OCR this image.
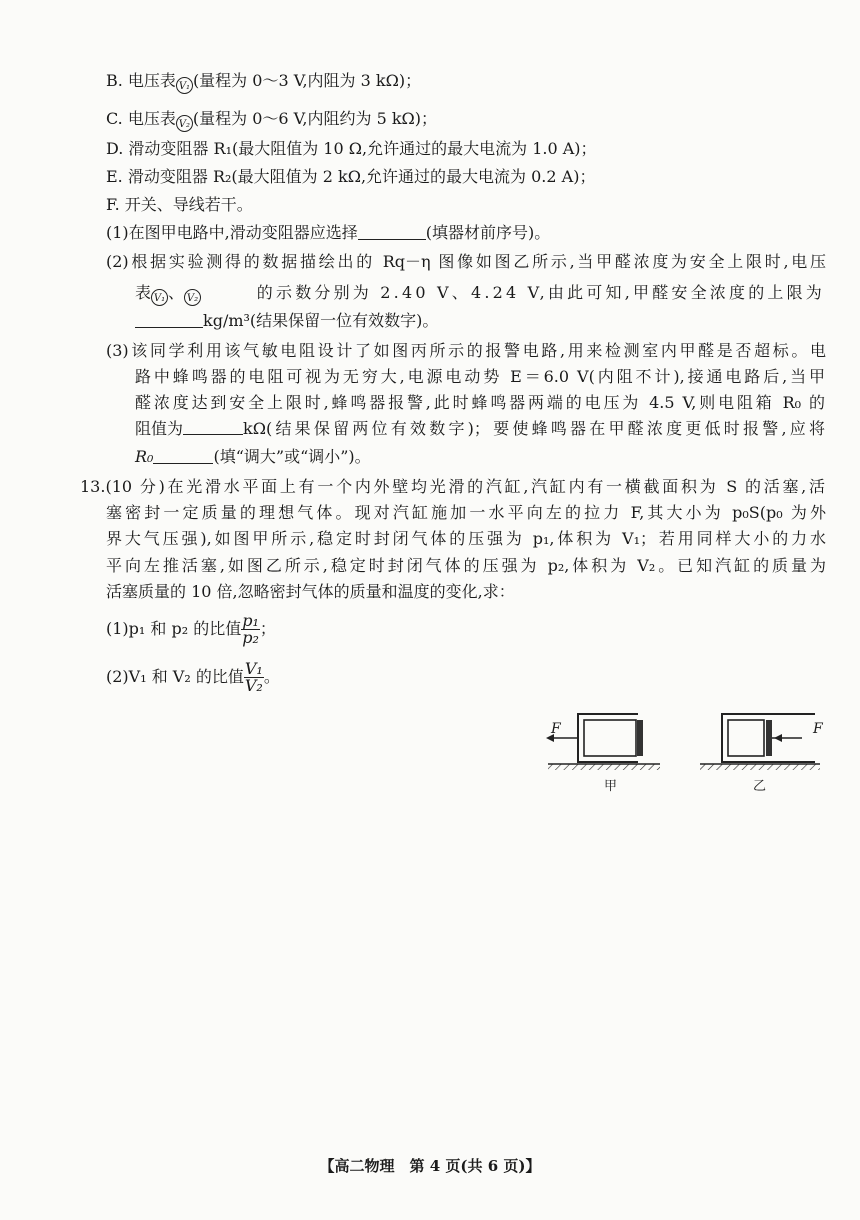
B. 电压表 V₁ (量程为 0～3 V,内阻为 3 kΩ)；
C. 电压表 V₂ (量程为 0～6 V,内阻约为 5 kΩ)；
D. 滑动变阻器 R₁(最大阻值为 10 Ω,允许通过的最大电流为 1.0 A)；
E. 滑动变阻器 R₂(最大阻值为 2 kΩ,允许通过的最大电流为 0.2 A)；
F. 开关、导线若干。
(1)在图甲电路中,滑动变阻器应选择	(填器材前序号)。
(2)根据实验测得的数据描绘出的 Rq－η 图像如图乙所示,当甲醛浓度为安全上限时,电压
表 V₁ 、 V₂	的示数分别为 2.40 V、4.24 V,由此可知,甲醛安全浓度的上限为
kg/m³(结果保留一位有效数字)。
(3)该同学利用该气敏电阻设计了如图丙所示的报警电路,用来检测室内甲醛是否超标。电
路中蜂鸣器的电阻可视为无穷大,电源电动势 E＝6.0 V(内阻不计),接通电路后,当甲
醛浓度达到安全上限时,蜂鸣器报警,此时蜂鸣器两端的电压为 4.5 V,则电阻箱 R₀ 的
阻值为	kΩ(结果保留两位有效数字)；要使蜂鸣器在甲醛浓度更低时报警,应将
R₀	(填“调大”或“调小”)。
13.(10 分)在光滑水平面上有一个内外壁均光滑的汽缸,汽缸内有一横截面积为 S 的活塞,活
塞密封一定质量的理想气体。现对汽缸施加一水平向左的拉力 F,其大小为 p₀S(p₀ 为外
界大气压强),如图甲所示,稳定时封闭气体的压强为 p₁,体积为 V₁；若用同样大小的力水
平向左推活塞,如图乙所示,稳定时封闭气体的压强为 p₂,体积为 V₂。已知汽缸的质量为
活塞质量的 10 倍,忽略密封气体的质量和温度的变化,求：
(1)p₁ 和 p₂ 的比值 $\frac{\text{p₁}}{\text{p₂}}$ ；
(2)V₁ 和 V₂ 的比值 $\frac{\text{V₁}}{\text{V₂}}$ 。
F	F
甲	乙
【高二物理　第 4 页(共 6 页)】
